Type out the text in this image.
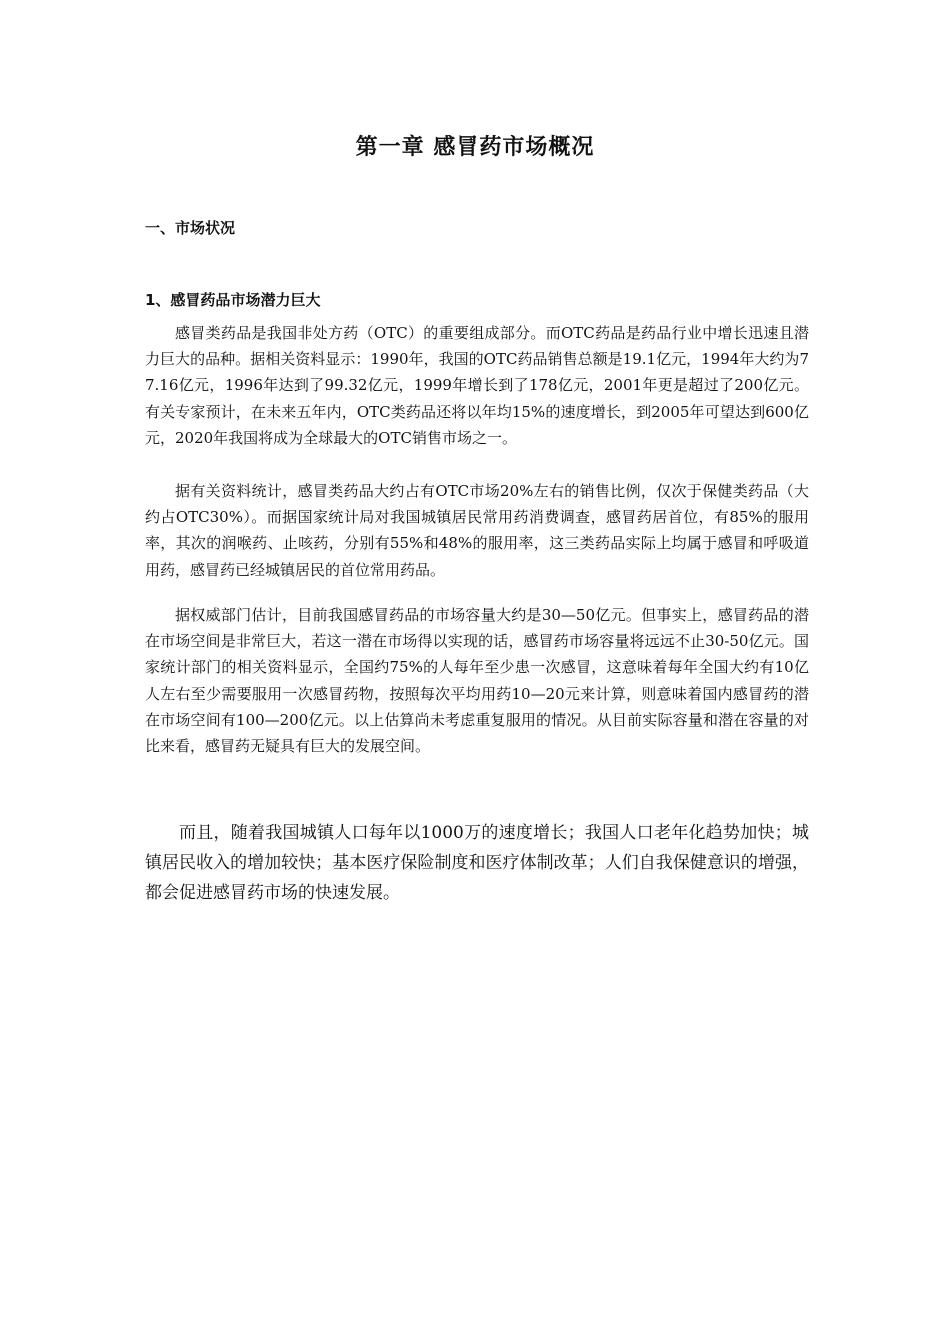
第一章 感冒药市场概况
一、市场状况
1、感冒药品市场潜力巨大

感冒类药品是我国非处方药（OTC）的重要组成部分。而OTC药品是药品行业中增长迅速且潜力巨大的品种。据相关资料显示：1990年，我国的OTC药品销售总额是19.1亿元，1994年大约为77.16亿元，1996年达到了99.32亿元，1999年增长到了178亿元，2001年更是超过了200亿元。有关专家预计，在未来五年内，OTC类药品还将以年均15%的速度增长，到2005年可望达到600亿元，2020年我国将成为全球最大的OTC销售市场之一。

据有关资料统计，感冒类药品大约占有OTC市场20%左右的销售比例，仅次于保健类药品（大约占OTC30%）。而据国家统计局对我国城镇居民常用药消费调查，感冒药居首位，有85%的服用率，其次的润喉药、止咳药，分别有55%和48%的服用率，这三类药品实际上均属于感冒和呼吸道用药，感冒药已经城镇居民的首位常用药品。

据权威部门估计，目前我国感冒药品的市场容量大约是30—50亿元。但事实上，感冒药品的潜在市场空间是非常巨大，若这一潜在市场得以实现的话，感冒药市场容量将远远不止30-50亿元。国家统计部门的相关资料显示，全国约75%的人每年至少患一次感冒，这意味着每年全国大约有10亿人左右至少需要服用一次感冒药物，按照每次平均用药10—20元来计算，则意味着国内感冒药的潜在市场空间有100—200亿元。以上估算尚未考虑重复服用的情况。从目前实际容量和潜在容量的对比来看，感冒药无疑具有巨大的发展空间。

而且，随着我国城镇人口每年以1000万的速度增长；我国人口老年化趋势加快；城镇居民收入的增加较快；基本医疗保险制度和医疗体制改革；人们自我保健意识的增强，都会促进感冒药市场的快速发展。
